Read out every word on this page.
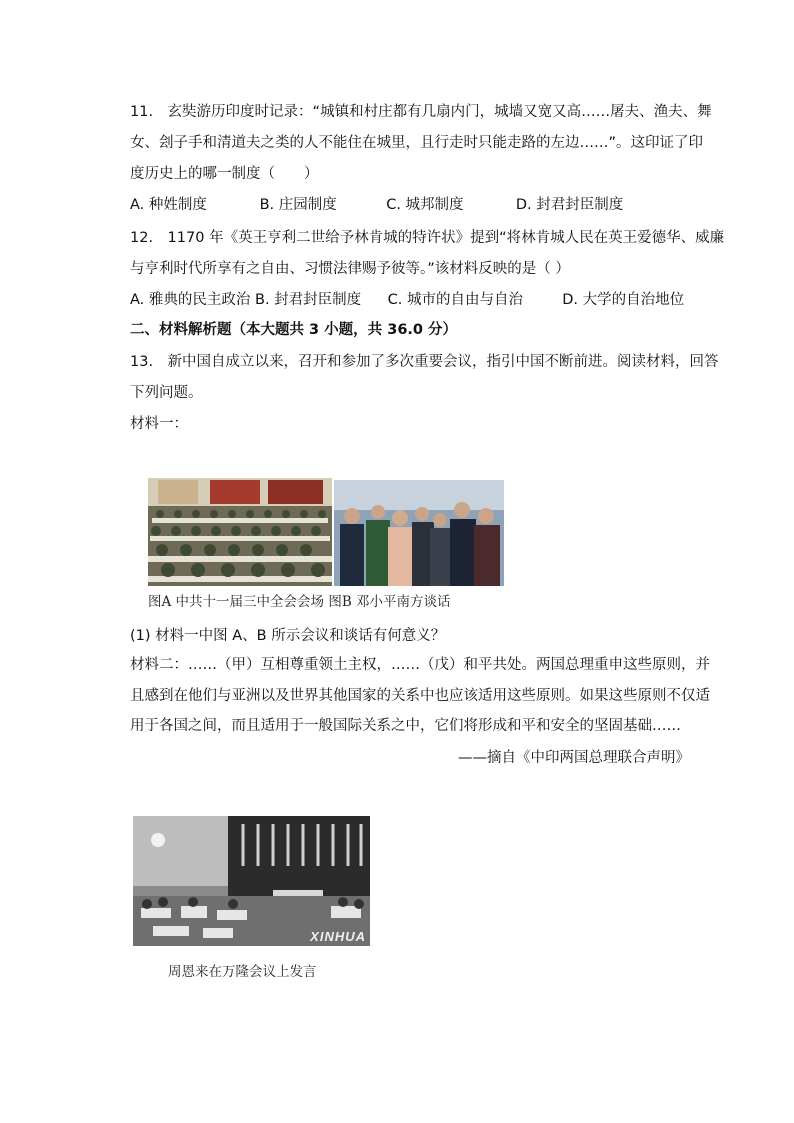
11.　玄奘游历印度时记录：“城镇和村庄都有几扇内门，城墙又宽又高……屠夫、渔夫、舞
女、刽子手和清道夫之类的人不能住在城里，且行走时只能走路的左边……”。这印证了印
度历史上的哪一制度（　　）
A. 种姓制度	B. 庄园制度	C. 城邦制度	D. 封君封臣制度
12.　1170 年《英王亨利二世给予林肯城的特许状》提到“将林肯城人民在英王爱德华、威廉
与亨利时代所享有之自由、习惯法律赐予彼等。”该材料反映的是（ ）
A. 雅典的民主政治 B. 封君封臣制度 C. 城市的自由与自治	D. 大学的自治地位
二、材料解析题（本大题共 3 小题，共 36.0 分）
13.　新中国自成立以来，召开和参加了多次重要会议，指引中国不断前进。阅读材料，回答
下列问题。
材料一：
图A 中共十一届三中全会会场 图B 邓小平南方谈话
(1) 材料一中图 A、B 所示会议和谈话有何意义？
材料二：……（甲）互相尊重领土主权，……（戊）和平共处。两国总理重申这些原则，并
且感到在他们与亚洲以及世界其他国家的关系中也应该适用这些原则。如果这些原则不仅适
用于各国之间，而且适用于一般国际关系之中，它们将形成和平和安全的坚固基础……
——摘自《中印两国总理联合声明》
XINHUA
周恩来在万隆会议上发言
